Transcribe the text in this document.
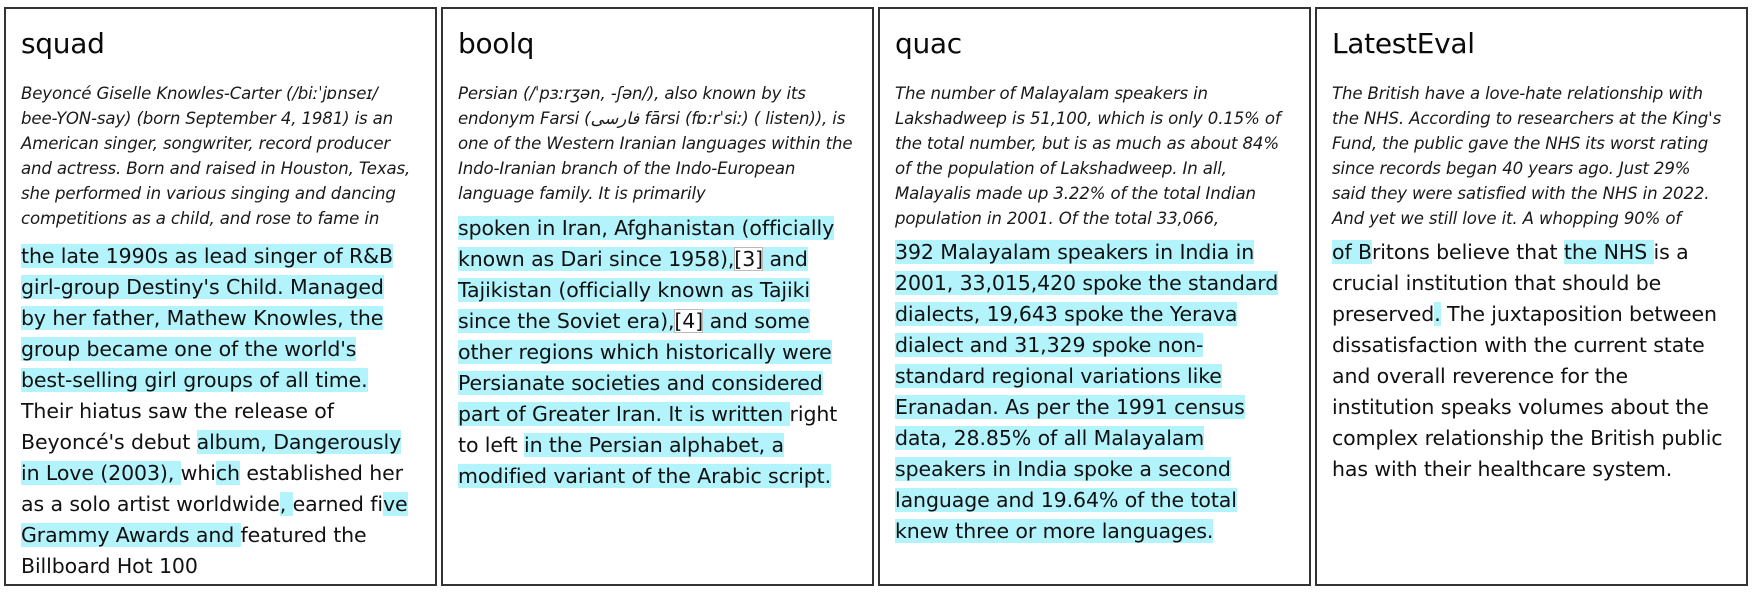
squad
Beyoncé Giselle Knowles-Carter (/biːˈjɒnseɪ/
bee-YON-say) (born September 4, 1981) is an
American singer, songwriter, record producer
and actress. Born and raised in Houston, Texas,
she performed in various singing and dancing
competitions as a child, and rose to fame in
the late 1990s as lead singer of R&B
girl-group Destiny's Child. Managed
by her father, Mathew Knowles, the
group became one of the world's
best-selling girl groups of all time.
Their hiatus saw the release of
Beyoncé's debut album, Dangerously
in Love (2003), which established her
as a solo artist worldwide, earned five
Grammy Awards and featured the
Billboard Hot 100
boolq
Persian (/ˈpɜːrʒən, -ʃən/), also known by its
endonym Farsi (فارسی fārsi (fɒːrˈsiː) ( listen)), is
one of the Western Iranian languages within the
Indo-Iranian branch of the Indo-European
language family. It is primarily
spoken in Iran, Afghanistan (officially
known as Dari since 1958),[3] and
Tajikistan (officially known as Tajiki
since the Soviet era),[4] and some
other regions which historically were
Persianate societies and considered
part of Greater Iran. It is written right
to left in the Persian alphabet, a
modified variant of the Arabic script.
quac
The number of Malayalam speakers in
Lakshadweep is 51,100, which is only 0.15% of
the total number, but is as much as about 84%
of the population of Lakshadweep. In all,
Malayalis made up 3.22% of the total Indian
population in 2001. Of the total 33,066,
392 Malayalam speakers in India in
2001, 33,015,420 spoke the standard
dialects, 19,643 spoke the Yerava
dialect and 31,329 spoke non-
standard regional variations like
Eranadan. As per the 1991 census
data, 28.85% of all Malayalam
speakers in India spoke a second
language and 19.64% of the total
knew three or more languages.
LatestEval
The British have a love-hate relationship with
the NHS. According to researchers at the King's
Fund, the public gave the NHS its worst rating
since records began 40 years ago. Just 29%
said they were satisfied with the NHS in 2022.
And yet we still love it. A whopping 90% of
of Britons believe that the NHS is a
crucial institution that should be
preserved. The juxtaposition between
dissatisfaction with the current state
and overall reverence for the
institution speaks volumes about the
complex relationship the British public
has with their healthcare system.
